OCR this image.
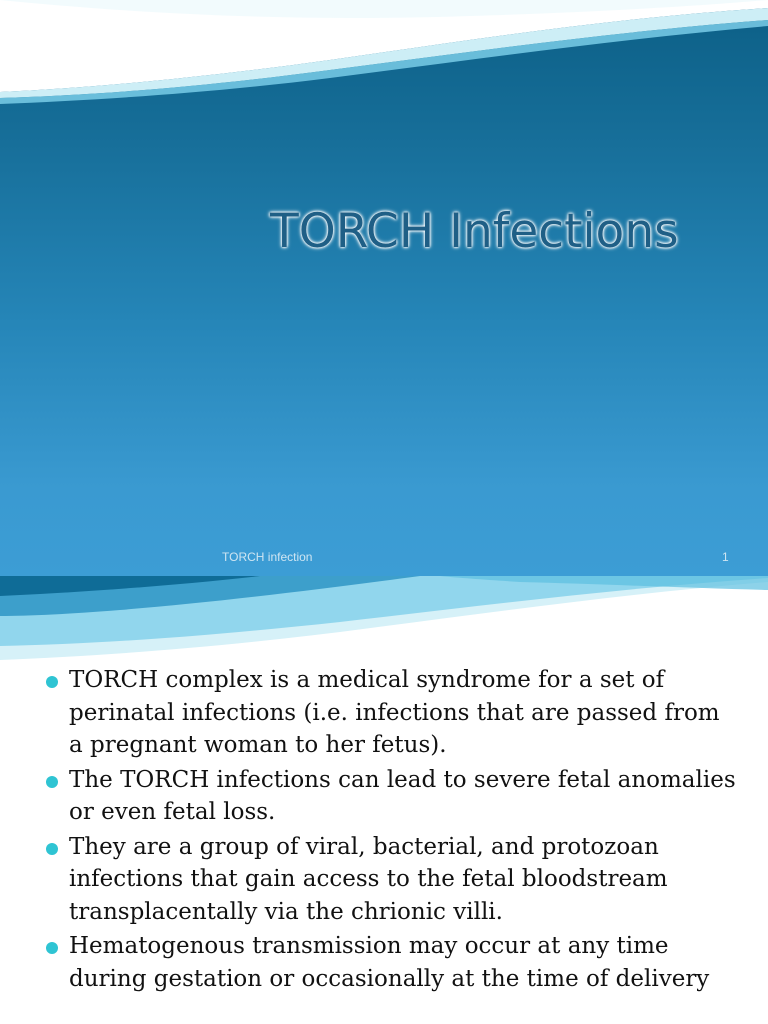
TORCH Infections
TORCH infection	1
TORCH complex is a medical syndrome for a set of perinatal infections (i.e. infections that are passed from a pregnant woman to her fetus).
The TORCH infections can lead to severe fetal anomalies or even fetal loss.
They are a group of viral, bacterial, and protozoan infections that gain access to the fetal bloodstream transplacentally via the chrionic villi.
Hematogenous transmission may occur at any time during gestation or occasionally at the time of delivery
